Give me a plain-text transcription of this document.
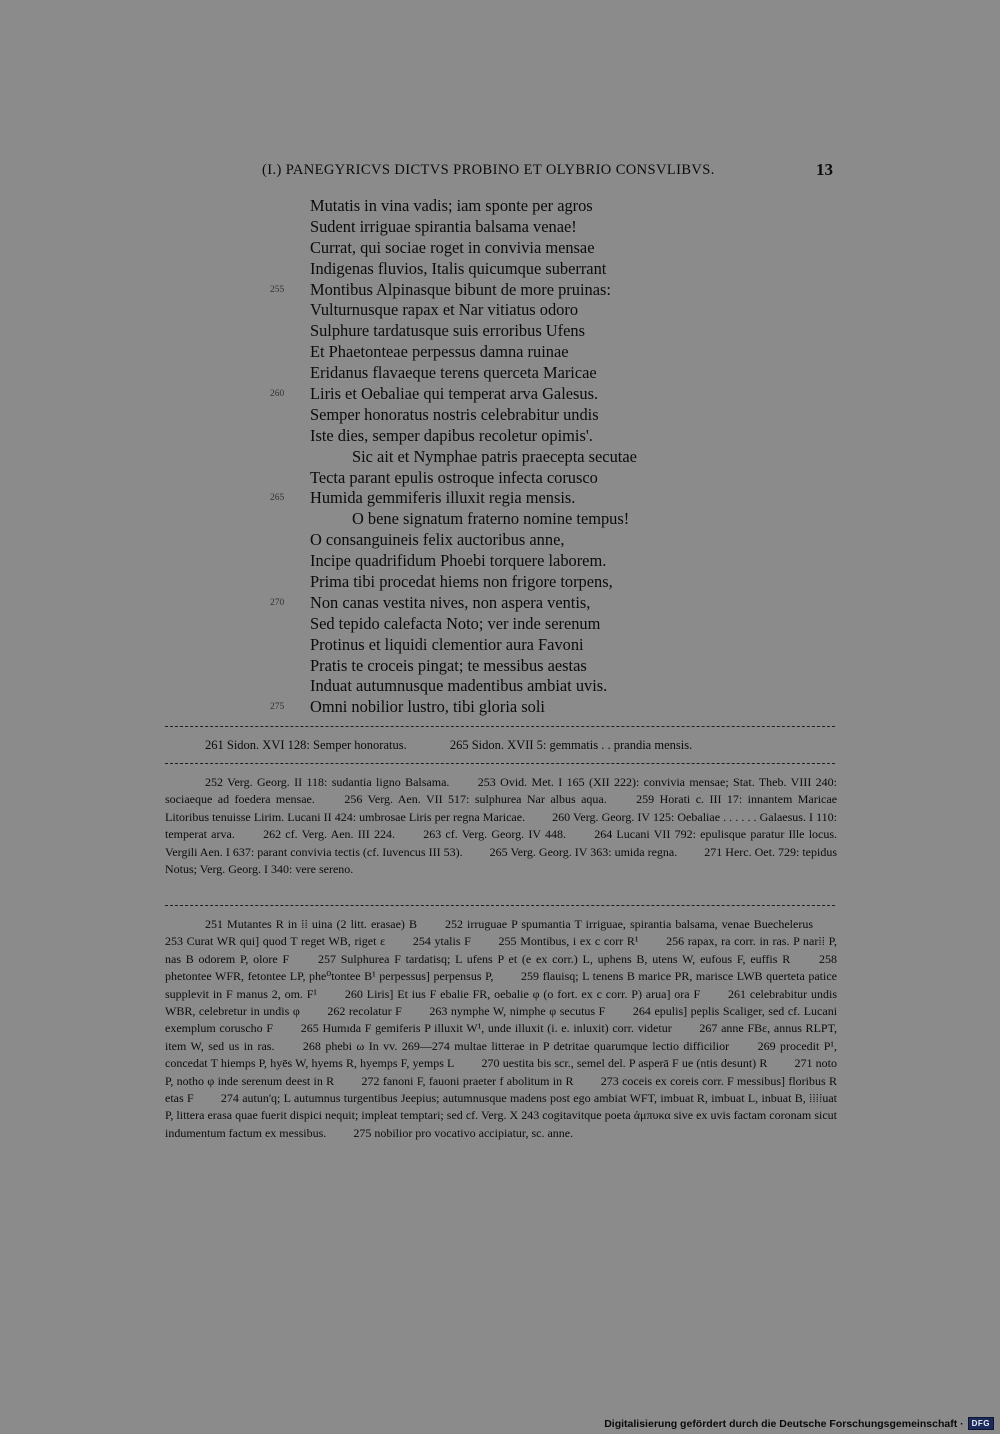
(I.) PANEGYRICVS DICTVS PROBINO ET OLYBRIO CONSVLIBVS.	13
Mutatis in vina vadis; iam sponte per agros
Sudent irriguae spirantia balsama venae!
Currat, qui sociae roget in convivia mensae
Indigenas fluvios, Italis quicumque suberrant
255	Montibus Alpinasque bibunt de more pruinas:
Vulturnusque rapax et Nar vitiatus odoro
Sulphure tardatusque suis erroribus Ufens
Et Phaetonteae perpessus damna ruinae
Eridanus flavaeque terens querceta Maricae
260	Liris et Oebaliae qui temperat arva Galesus.
Semper honoratus nostris celebrabitur undis
Iste dies, semper dapibus recoletur opimis'.
Sic ait et Nymphae patris praecepta secutae
Tecta parant epulis ostroque infecta corusco
265	Humida gemmiferis illuxit regia mensis.
O bene signatum fraterno nomine tempus!
O consanguineis felix auctoribus anne,
Incipe quadrifidum Phoebi torquere laborem.
Prima tibi procedat hiems non frigore torpens,
270	Non canas vestita nives, non aspera ventis,
Sed tepido calefacta Noto; ver inde serenum
Protinus et liquidi clementior aura Favoni
Pratis te croceis pingat; te messibus aestas
Induat autumnusque madentibus ambiat uvis.
275	Omni nobilior lustro, tibi gloria soli
261 Sidon. XVI 128: Semper honoratus.	265 Sidon. XVII 5: gemmatis . . prandia mensis.

252 Verg. Georg. II 118: sudantia ligno Balsama. 253 Ovid. Met. I 165 (XII 222): convivia mensae; Stat. Theb. VIII 240: sociaeque ad foedera mensae. 256 Verg. Aen. VII 517: sulphurea Nar albus aqua. 259 Horati c. III 17: innantem Maricae Litoribus tenuisse Lirim. Lucani II 424: umbrosae Liris per regna Maricae. 260 Verg. Georg. IV 125: Oebaliae . . . . . . Galaesus. I 110: temperat arva. 262 cf. Verg. Aen. III 224. 263 cf. Verg. Georg. IV 448. 264 Lucani VII 792: epulisque paratur Ille locus. Vergili Aen. I 637: parant convivia tectis (cf. Iuvencus III 53). 265 Verg. Georg. IV 363: umida regna. 271 Herc. Oet. 729: tepidus Notus; Verg. Georg. I 340: vere sereno.

251 Mutantes R in ⁞⁞ uina (2 litt. erasae) B 252 irruguae P spumantia T irriguae, spirantia balsama, venae Buechelerus 253 Curat WR qui] quod T reget WB, riget ε 254 ytalis F 255 Montibus, i ex c corr R¹ 256 rapax, ra corr. in ras. P nar⁞⁞ P, nas B odorem P, olore F 257 Sulphurea F tardatisq; L ufens P et (e ex corr.) L, uphens B, utens W, eufous F, euffis R 258 phetontee WFR, fetontee LP, phe⁰tontee B¹ perpessus] perpensus P, 259 flauisq; L tenens B marice PR, marisce LWB querteta patice supplevit in F manus 2, om. F¹ 260 Liris] Et ius F ebalie FR, oebalie φ (o fort. ex c corr. P) arua] ora F 261 celebrabitur undis WBR, celebretur in undis φ 262 recolatur F 263 nymphe W, nimphe φ secutus F 264 epulis] peplis Scaliger, sed cf. Lucani exemplum coruscho F 265 Humıda F gemiferis P illuxit W¹, unde illuxit (i. e. inluxit) corr. videtur 267 anne FBε, annus RLPT, item W, sed us in ras. 268 phebi ω In vv. 269—274 multae litterae in P detritae quarumque lectio difficilior 269 procedit P¹, concedat T hiemps P, hyēs W, hyems R, hyemps F, yemps L 270 uestita bis scr., semel del. P asperā F ue (ntis desunt) R 271 noto P, notho φ inde serenum deest in R 272 fanoni F, fauoni praeter f abolitum in R 273 coceis ex coreis corr. F messibus] floribus R etas F 274 autun'q; L autumnus turgentibus Jeepius; autumnusque madens post ego ambiat WFT, imbuat R, imbuat L, inbuat B, ⁞⁞⁞⁞uat P, littera erasa quae fuerit dispici nequit; impleat temptari; sed cf. Verg. X 243 cogitavitque poeta ἀμπυκα sive ex uvis factam coronam sicut indumentum factum ex messibus. 275 nobilior pro vocativo accipiatur, sc. anne.

Digitalisierung gefördert durch die Deutsche Forschungsgemeinschaft ·	DFG
